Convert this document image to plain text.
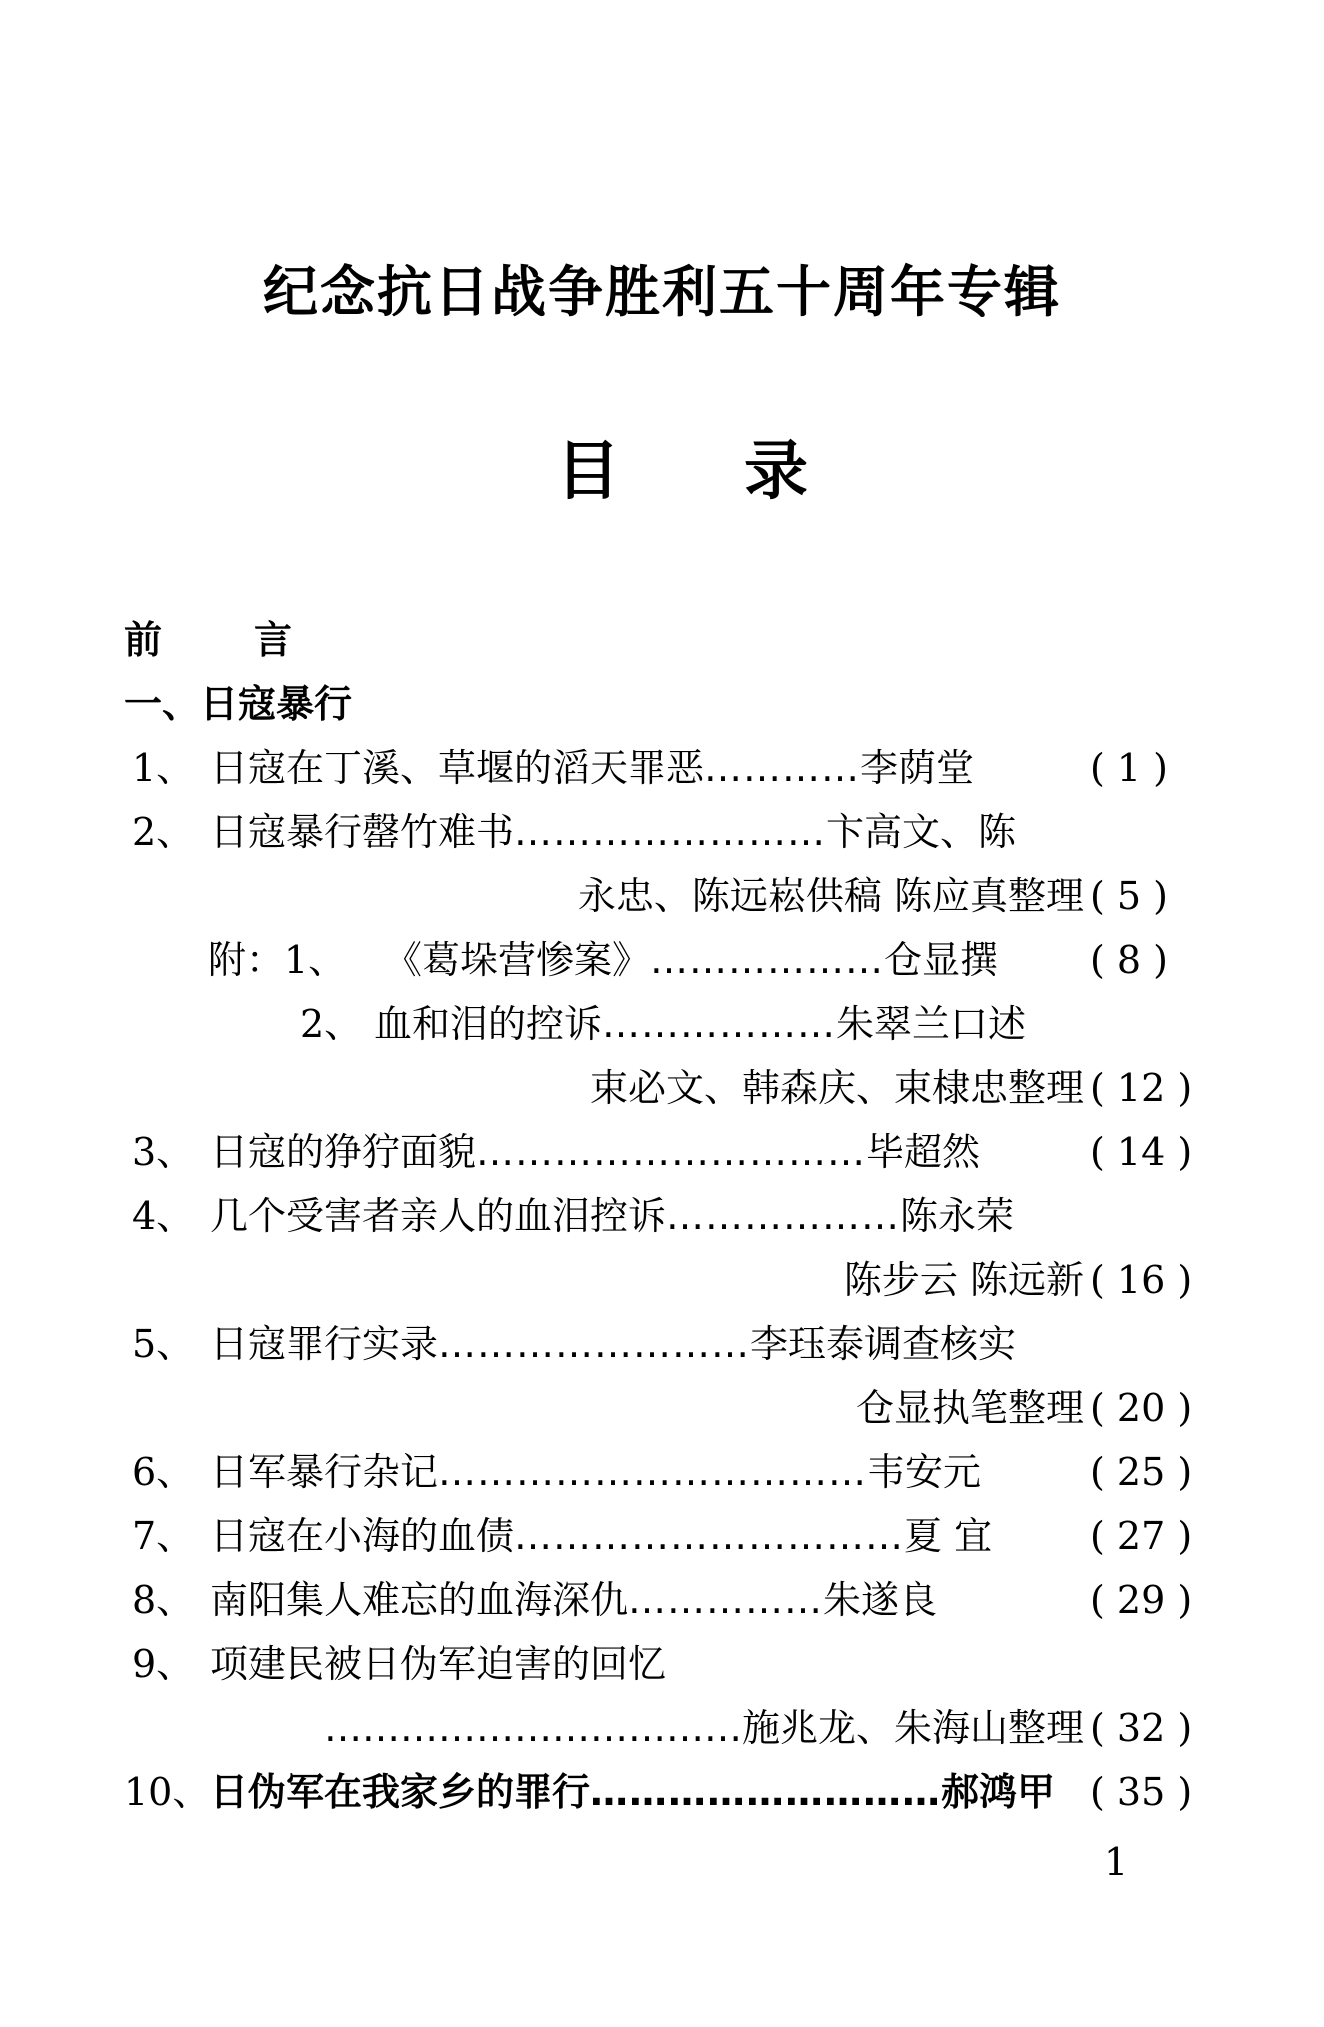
纪念抗日战争胜利五十周年专辑
目 录
前 言
一、日寇暴行
1、 日寇在丁溪、草堰的滔天罪恶…………李荫堂	( 1 )
2、 日寇暴行罄竹难书……………………卞高文、陈
永忠、陈远崧供稿 陈应真整理 ( 5 )
附：1、 《葛垛营惨案》………………仓显撰 ( 8 )
2、 血和泪的控诉………………朱翠兰口述
束必文、韩森庆、束棣忠整理 ( 12 )
3、 日寇的狰狞面貌…………………………毕超然	( 14 )
4、 几个受害者亲人的血泪控诉………………陈永荣
陈步云 陈远新 ( 16 )
5、 日寇罪行实录……………………李珏泰调查核实
仓显执笔整理 ( 20 )
6、 日军暴行杂记……………………………韦安元	( 25 )
7、 日寇在小海的血债…………………………夏 宜	( 27 )
8、 南阳集人难忘的血海深仇……………朱遂良	( 29 )
9、 项建民被日伪军迫害的回忆
……………………………施兆龙、朱海山整理 ( 32 )
10、 日伪军在我家乡的罪行………………………郝鸿甲 ( 35 )
1
